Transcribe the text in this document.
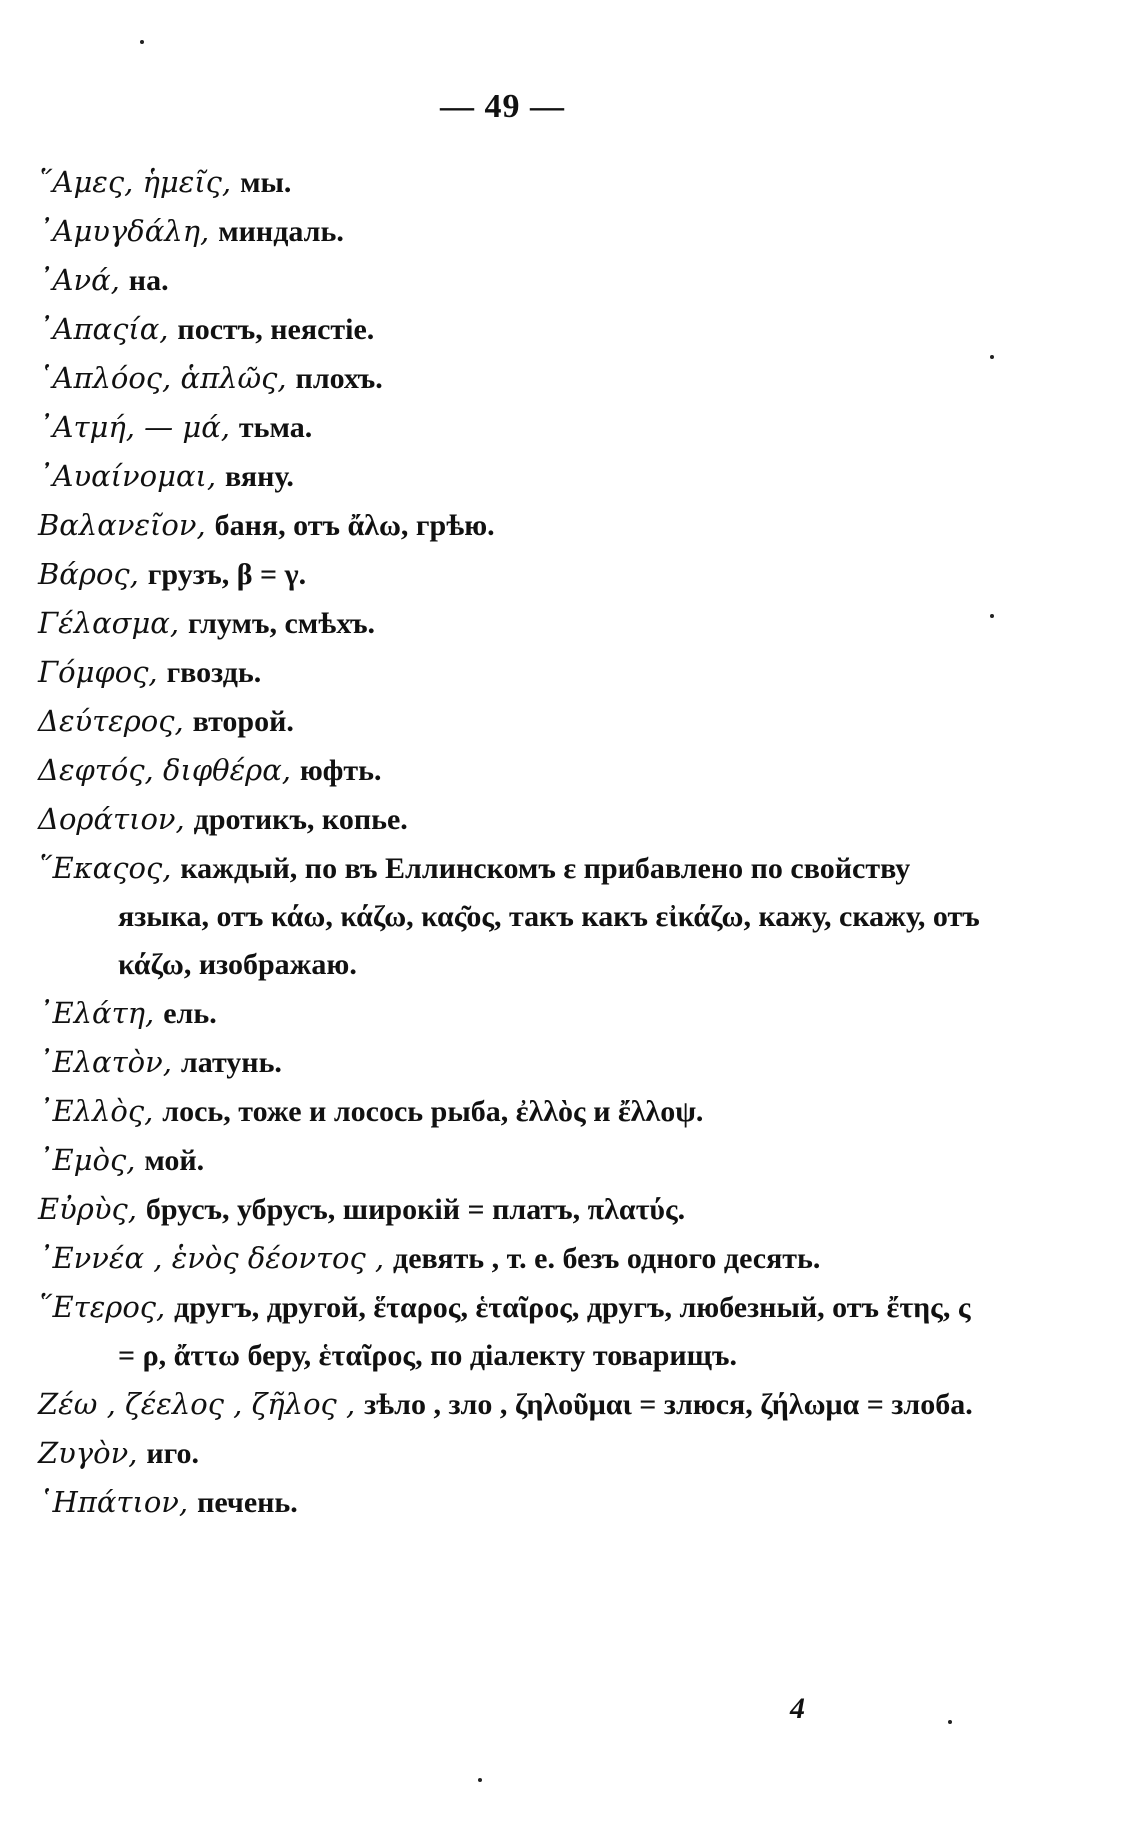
— 49 —

῞Αμες, ἡμεῖς, мы.

᾿Αμυγδάλη, миндаль.

᾿Ανά, на.

᾿Απαςία, постъ, неястіе.

῾Απλόος, ἁπλῶς, плохъ.

᾿Ατμή, — μά, тьма.

᾿Αυαίνομαι, вяну.

Βαλανεῖον, баня, отъ ἄλω, грѣю.

Βάρος, грузъ, β = γ.

Γέλασμα, глумъ, смѣхъ.

Γόμφος, гвоздь.

Δεύτερος, второй.

Δεφτός, διφθέρα, юфть.

Δοράτιον, дротикъ, копье.

῞Εκαςος, каждый, по въ Еллинскомъ ε прибавлено по свойству языка, отъ κάω, κάζω, κας͂ος, такъ какъ εἰκάζω, кажу, скажу, отъ κάζω, изображаю.

᾿Ελάτη, ель.

᾿Ελατὸν, латунь.

᾿Ελλὸς, лось, тоже и лосось рыба, ἐλλὸς и ἔλλοψ.

᾿Εμὸς, мой.

Εὐρὺς, брусъ, убрусъ, широкій = платъ, πλατύς.

᾿Εννέα , ἑνὸς δέοντος , девять , т. е. безъ одного десять.

῞Ετερος, другъ, другой, ἕταρος, ἑταῖρος, другъ, любезный, отъ ἔτης, ς = ρ, ἄττω беру, ἑταῖρος, по діалекту товарищъ.

Ζέω , ζέελος , ζῆλος , зѣло , зло , ζηλοῦμαι = злюся, ζήλωμα = злоба.

Ζυγὸν, иго.

῾Ηπάτιον, печень.

4
